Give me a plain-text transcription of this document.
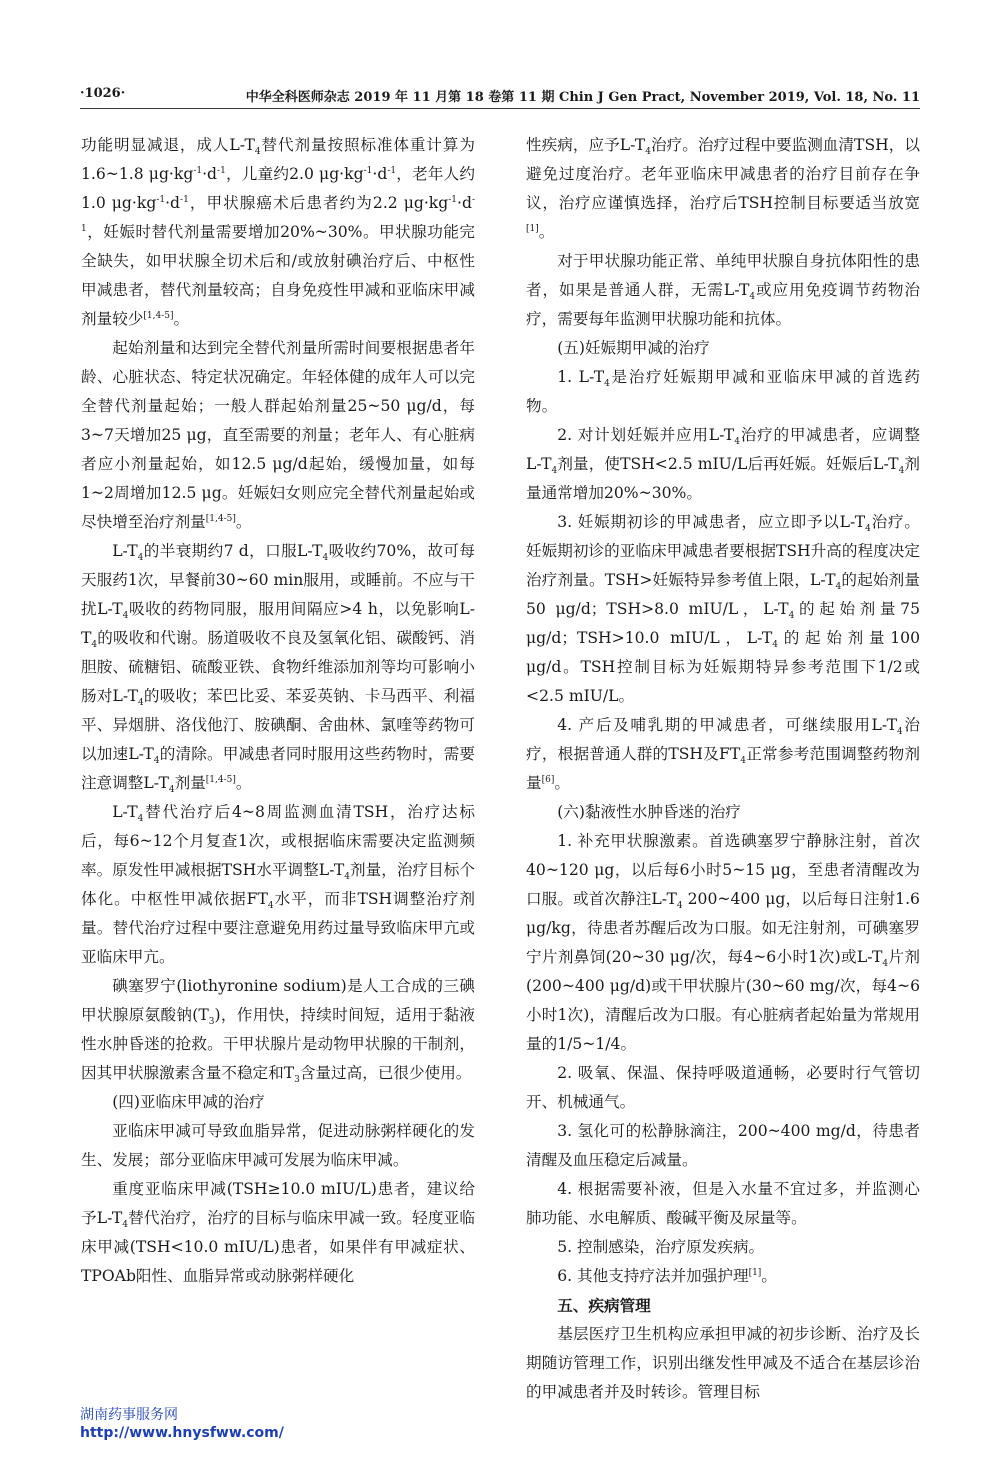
·1026·	中华全科医师杂志 2019 年 11 月第 18 卷第 11 期 Chin J Gen Pract, November 2019, Vol. 18, No. 11

功能明显减退，成人$L-T_4$替代剂量按照标准体重计算为1.6~1.8 $\mu g\cdot kg^{-1}\cdot d^{-1}$，儿童约2.0 $\mu g\cdot kg^{-1}\cdot d^{-1}$，老年人约1.0 $\mu g\cdot kg^{-1}\cdot d^{-1}$，甲状腺癌术后患者约为2.2 $\mu g\cdot kg^{-1}\cdot d^{-1}$，妊娠时替代剂量需要增加20%~30%。甲状腺功能完全缺失，如甲状腺全切术后和/或放射碘治疗后、中枢性甲减患者，替代剂量较高；自身免疫性甲减和亚临床甲减剂量较少[1,4-5]。

起始剂量和达到完全替代剂量所需时间要根据患者年龄、心脏状态、特定状况确定。年轻体健的成年人可以完全替代剂量起始；一般人群起始剂量25~50 μg/d，每3~7天增加25 μg，直至需要的剂量；老年人、有心脏病者应小剂量起始，如12.5 μg/d起始，缓慢加量，如每1~2周增加12.5 μg。妊娠妇女则应完全替代剂量起始或尽快增至治疗剂量[1,4-5]。

$L-T_4$的半衰期约7 d，口服$L-T_4$吸收约70%，故可每天服药1次，早餐前30~60 min服用，或睡前。不应与干扰$L-T_4$吸收的药物同服，服用间隔应>4 h，以免影响$L-T_4$的吸收和代谢。肠道吸收不良及氢氧化铝、碳酸钙、消胆胺、硫糖铝、硫酸亚铁、食物纤维添加剂等均可影响小肠对$L-T_4$的吸收；苯巴比妥、苯妥英钠、卡马西平、利福平、异烟肼、洛伐他汀、胺碘酮、舍曲林、氯喹等药物可以加速$L-T_4$的清除。甲减患者同时服用这些药物时，需要注意调整$L-T_4$剂量[1,4-5]。

$L-T_4$替代治疗后4~8周监测血清TSH，治疗达标后，每6~12个月复查1次，或根据临床需要决定监测频率。原发性甲减根据TSH水平调整$L-T_4$剂量，治疗目标个体化。中枢性甲减依据$FT_4$水平，而非TSH调整治疗剂量。替代治疗过程中要注意避免用药过量导致临床甲亢或亚临床甲亢。

碘塞罗宁(liothyronine sodium)是人工合成的三碘甲状腺原氨酸钠$(T_3)$，作用快，持续时间短，适用于黏液性水肿昏迷的抢救。干甲状腺片是动物甲状腺的干制剂，因其甲状腺激素含量不稳定和$T_3$含量过高，已很少使用。

(四)亚临床甲减的治疗

亚临床甲减可导致血脂异常，促进动脉粥样硬化的发生、发展；部分亚临床甲减可发展为临床甲减。

重度亚临床甲减(TSH≥10.0 mIU/L)患者，建议给予$L-T_4$替代治疗，治疗的目标与临床甲减一致。轻度亚临床甲减(TSH<10.0 mIU/L)患者，如果伴有甲减症状、TPOAb阳性、血脂异常或动脉粥样硬化

性疾病，应予$L-T_4$治疗。治疗过程中要监测血清TSH，以避免过度治疗。老年亚临床甲减患者的治疗目前存在争议，治疗应谨慎选择，治疗后TSH控制目标要适当放宽[1]。

对于甲状腺功能正常、单纯甲状腺自身抗体阳性的患者，如果是普通人群，无需$L-T_4$或应用免疫调节药物治疗，需要每年监测甲状腺功能和抗体。

(五)妊娠期甲减的治疗

1. $L-T_4$是治疗妊娠期甲减和亚临床甲减的首选药物。

2. 对计划妊娠并应用$L-T_4$治疗的甲减患者，应调整$L-T_4$剂量，使TSH<2.5 mIU/L后再妊娠。妊娠后$L-T_4$剂量通常增加20%~30%。

3. 妊娠期初诊的甲减患者，应立即予以$L-T_4$治疗。妊娠期初诊的亚临床甲减患者要根据TSH升高的程度决定治疗剂量。TSH>妊娠特异参考值上限，$L-T_4$的起始剂量50 μg/d；TSH>8.0 mIU/L，$L-T_4$的起始剂量75 μg/d；TSH>10.0 mIU/L，$L-T_4$的起始剂量100 μg/d。TSH控制目标为妊娠期特异参考范围下1/2或<2.5 mIU/L。

4. 产后及哺乳期的甲减患者，可继续服用$L-T_4$治疗，根据普通人群的TSH及$FT_4$正常参考范围调整药物剂量[6]。

(六)黏液性水肿昏迷的治疗

1. 补充甲状腺激素。首选碘塞罗宁静脉注射，首次40~120 μg，以后每6小时5~15 μg，至患者清醒改为口服。或首次静注$L-T_4$ 200~400 μg，以后每日注射1.6 μg/kg，待患者苏醒后改为口服。如无注射剂，可碘塞罗宁片剂鼻饲(20~30 μg/次，每4~6小时1次)或$L-T_4$片剂(200~400 μg/d)或干甲状腺片(30~60 mg/次，每4~6小时1次)，清醒后改为口服。有心脏病者起始量为常规用量的1/5~1/4。

2. 吸氧、保温、保持呼吸道通畅，必要时行气管切开、机械通气。

3. 氢化可的松静脉滴注，200~400 mg/d，待患者清醒及血压稳定后减量。

4. 根据需要补液，但是入水量不宜过多，并监测心肺功能、水电解质、酸碱平衡及尿量等。

5. 控制感染，治疗原发疾病。

6. 其他支持疗法并加强护理[1]。

五、疾病管理

基层医疗卫生机构应承担甲减的初步诊断、治疗及长期随访管理工作，识别出继发性甲减及不适合在基层诊治的甲减患者并及时转诊。管理目标

湖南药事服务网
http://www.hnysfww.com/
